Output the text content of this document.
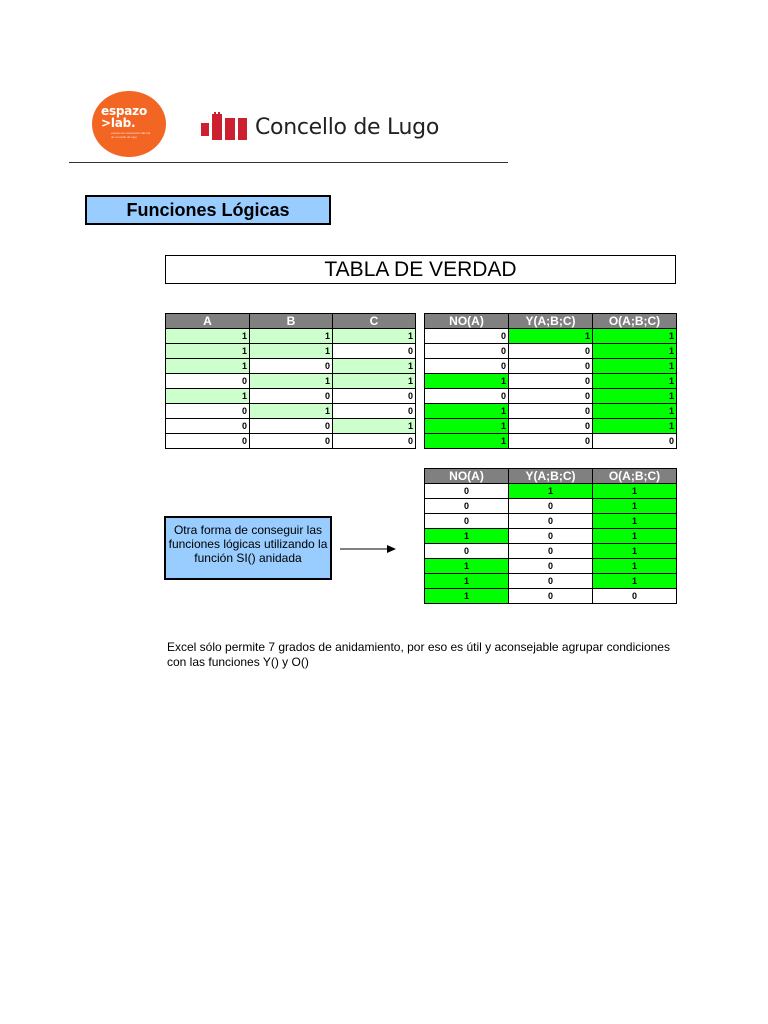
espazo
>lab.
espazo de orientación laboral do concello de lugo	Concello de Lugo
Funciones Lógicas
TABLA DE VERDAD
A	B	C
1	1	1
1	1	0
1	0	1
0	1	1
1	0	0
0	1	0
0	0	1
0	0	0
NO(A)	Y(A;B;C)	O(A;B;C)
0	1	1
0	0	1
0	0	1
1	0	1
0	0	1
1	0	1
1	0	1
1	0	0
NO(A)	Y(A;B;C)	O(A;B;C)
0	1	1
0	0	1
0	0	1
1	0	1
0	0	1
1	0	1
1	0	1
1	0	0
Otra forma de conseguir las funciones lógicas utilizando la función SI() anidada
Excel sólo permite 7 grados de anidamiento, por eso es útil y aconsejable agrupar condiciones con las funciones Y() y O()
